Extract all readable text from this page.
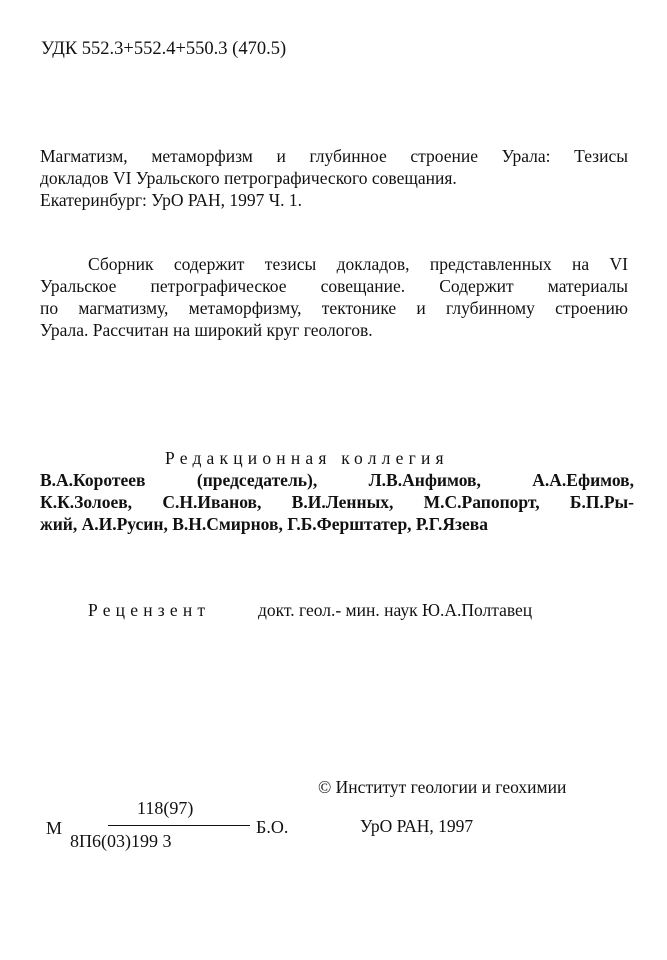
УДК 552.3+552.4+550.3 (470.5)
Магматизм, метаморфизм и глубинное строение Урала: Тезисы
докладов VI Уральского петрографического совещания.
Екатеринбург: УрО РАН, 1997 Ч. 1.
Сборник содержит тезисы докладов, представленных на VI
Уральское петрографическое совещание. Содержит материалы
по магматизму, метаморфизму, тектонике и глубинному строению
Урала. Рассчитан на широкий круг геологов.
Редакционная коллегия
В.А.Коротеев (председатель), Л.В.Анфимов, А.А.Ефимов,
К.К.Золоев, С.Н.Иванов, В.И.Ленных, М.С.Рапопорт, Б.П.Ры-
жий, А.И.Русин, В.Н.Смирнов, Г.Б.Ферштатер, Р.Г.Язева
Рецензент	докт. геол.- мин. наук Ю.А.Полтавец
© Институт геологии и геохимии
УрО РАН, 1997
М
118(97)
8П6(03)199 3
Б.О.
